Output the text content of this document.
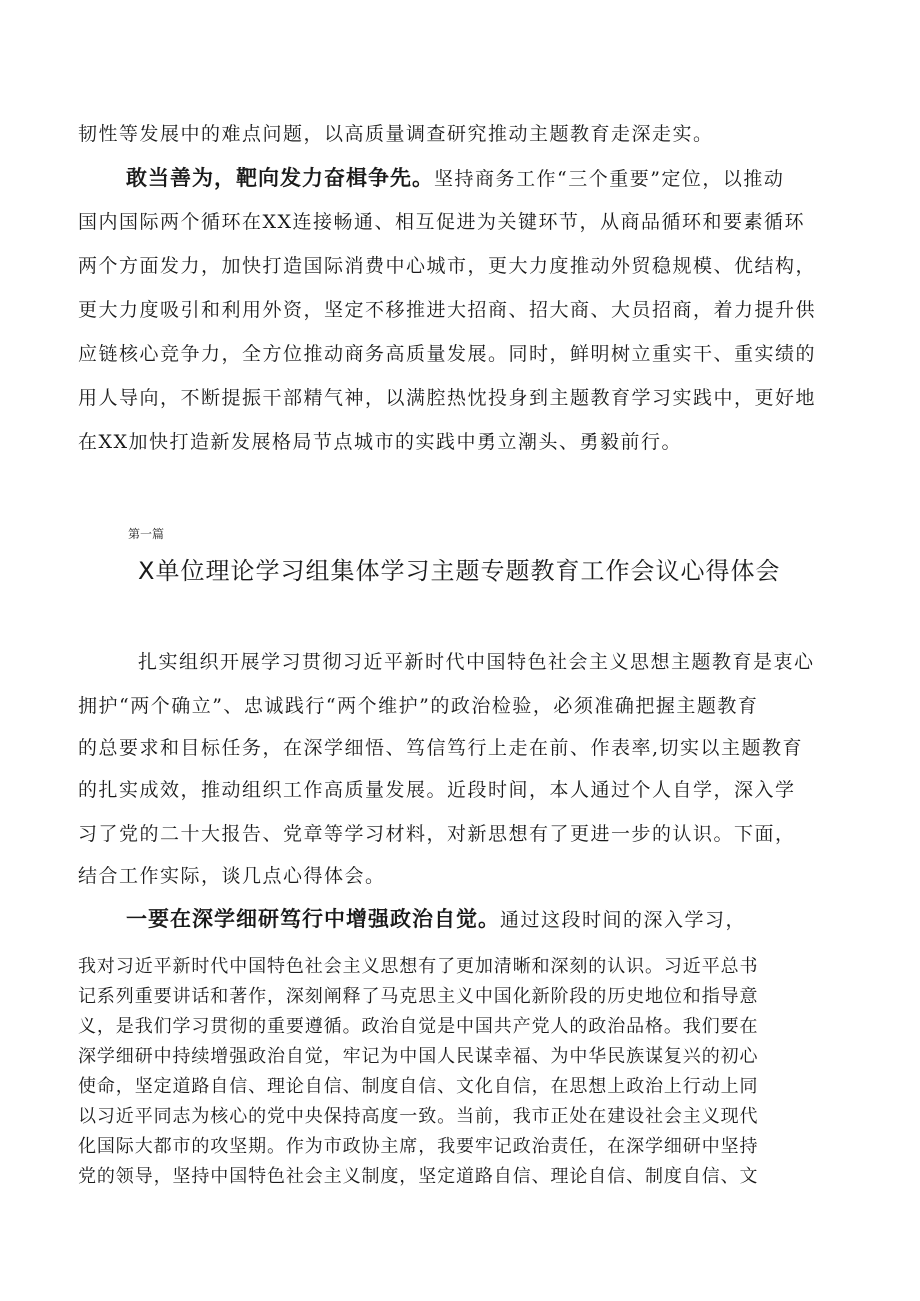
韧性等发展中的难点问题，以高质量调查研究推动主题教育走深走实。
敢当善为，靶向发力奋楫争先。坚持商务工作“三个重要”定位，以推动
国内国际两个循环在XX连接畅通、相互促进为关键环节，从商品循环和要素循环
两个方面发力，加快打造国际消费中心城市，更大力度推动外贸稳规模、优结构，
更大力度吸引和利用外资，坚定不移推进大招商、招大商、大员招商，着力提升供
应链核心竞争力，全方位推动商务高质量发展。同时，鲜明树立重实干、重实绩的
用人导向，不断提振干部精气神，以满腔热忱投身到主题教育学习实践中，更好地
在XX加快打造新发展格局节点城市的实践中勇立潮头、勇毅前行。
第一篇
X单位理论学习组集体学习主题专题教育工作会议心得体会
扎实组织开展学习贯彻习近平新时代中国特色社会主义思想主题教育是衷心
拥护“两个确立”、忠诚践行“两个维护”的政治检验，必须准确把握主题教育
的总要求和目标任务，在深学细悟、笃信笃行上走在前、作表率,切实以主题教育
的扎实成效，推动组织工作高质量发展。近段时间，本人通过个人自学，深入学
习了党的二十大报告、党章等学习材料，对新思想有了更进一步的认识。下面，
结合工作实际，谈几点心得体会。
一要在深学细研笃行中增强政治自觉。通过这段时间的深入学习，
我对习近平新时代中国特色社会主义思想有了更加清晰和深刻的认识。习近平总书
记系列重要讲话和著作，深刻阐释了马克思主义中国化新阶段的历史地位和指导意
义，是我们学习贯彻的重要遵循。政治自觉是中国共产党人的政治品格。我们要在
深学细研中持续增强政治自觉，牢记为中国人民谋幸福、为中华民族谋复兴的初心
使命，坚定道路自信、理论自信、制度自信、文化自信，在思想上政治上行动上同
以习近平同志为核心的党中央保持高度一致。当前，我市正处在建设社会主义现代
化国际大都市的攻坚期。作为市政协主席，我要牢记政治责任，在深学细研中坚持
党的领导，坚持中国特色社会主义制度，坚定道路自信、理论自信、制度自信、文
